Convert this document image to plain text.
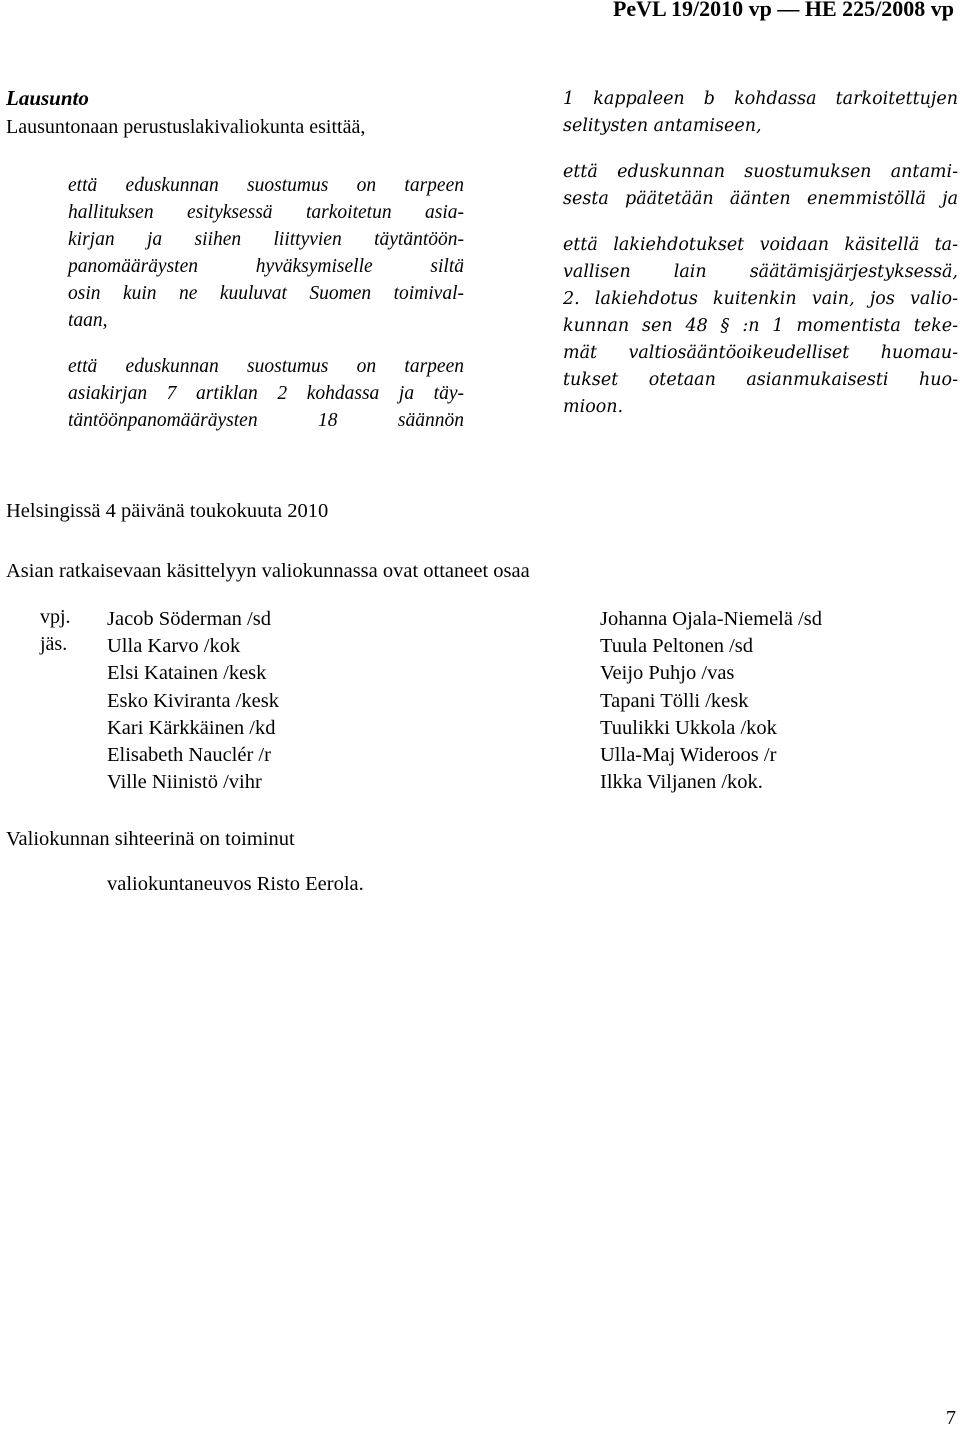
PeVL 19/2010 vp — HE 225/2008 vp
Lausunto
Lausuntonaan perustuslakivaliokunta esittää,
että eduskunnan suostumus on tarpeen
hallituksen esityksessä tarkoitetun asia-
kirjan ja siihen liittyvien täytäntöön-
panomääräysten hyväksymiselle siltä
osin kuin ne kuuluvat Suomen toimival-
taan,
että eduskunnan suostumus on tarpeen
asiakirjan 7 artiklan 2 kohdassa ja täy-
täntöönpanomääräysten 18 säännön
1 kappaleen b kohdassa tarkoitettujen
selitysten antamiseen,
että eduskunnan suostumuksen antami-
sesta päätetään äänten enemmistöllä ja
että lakiehdotukset voidaan käsitellä ta-
vallisen lain säätämisjärjestyksessä,
2. lakiehdotus kuitenkin vain, jos valio-
kunnan sen 48 § :n 1 momentista teke-
mät valtiosääntöoikeudelliset huomau-
tukset otetaan asianmukaisesti huo-
mioon.
Helsingissä 4 päivänä toukokuuta 2010
Asian ratkaisevaan käsittelyyn valiokunnassa ovat ottaneet osaa
vpj.
jäs.
Jacob Söderman /sd
Ulla Karvo /kok
Elsi Katainen /kesk
Esko Kiviranta /kesk
Kari Kärkkäinen /kd
Elisabeth Nauclér /r
Ville Niinistö /vihr
Johanna Ojala-Niemelä /sd
Tuula Peltonen /sd
Veijo Puhjo /vas
Tapani Tölli /kesk
Tuulikki Ukkola /kok
Ulla-Maj Wideroos /r
Ilkka Viljanen /kok.
Valiokunnan sihteerinä on toiminut
valiokuntaneuvos Risto Eerola.
7
